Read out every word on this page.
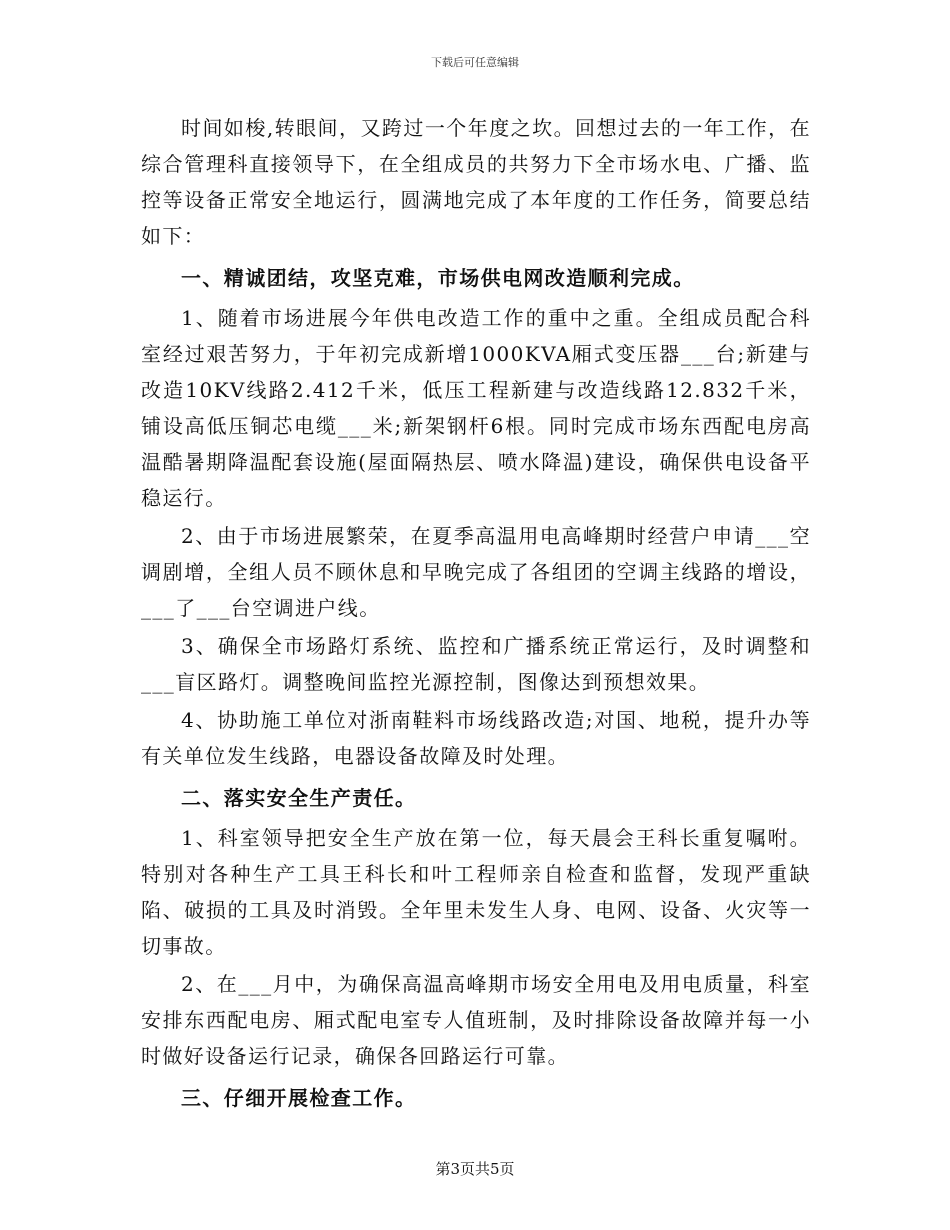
下载后可任意编辑

时间如梭,转眼间，又跨过一个年度之坎。回想过去的一年工作，在综合管理科直接领导下，在全组成员的共努力下全市场水电、广播、监控等设备正常安全地运行，圆满地完成了本年度的工作任务，简要总结如下：

一、精诚团结，攻坚克难，市场供电网改造顺利完成。

1、随着市场进展今年供电改造工作的重中之重。全组成员配合科室经过艰苦努力，于年初完成新增1000KVA厢式变压器___台;新建与改造10KV线路2.412千米，低压工程新建与改造线路12.832千米，铺设高低压铜芯电缆___米;新架钢杆6根。同时完成市场东西配电房高温酷暑期降温配套设施(屋面隔热层、喷水降温)建设，确保供电设备平稳运行。

2、由于市场进展繁荣，在夏季高温用电高峰期时经营户申请___空调剧增，全组人员不顾休息和早晚完成了各组团的空调主线路的增设，___了___台空调进户线。

3、确保全市场路灯系统、监控和广播系统正常运行，及时调整和___盲区路灯。调整晚间监控光源控制，图像达到预想效果。

4、协助施工单位对浙南鞋料市场线路改造;对国、地税，提升办等有关单位发生线路，电器设备故障及时处理。

二、落实安全生产责任。

1、科室领导把安全生产放在第一位，每天晨会王科长重复嘱咐。特别对各种生产工具王科长和叶工程师亲自检查和监督，发现严重缺陷、破损的工具及时消毁。全年里未发生人身、电网、设备、火灾等一切事故。

2、在___月中，为确保高温高峰期市场安全用电及用电质量，科室安排东西配电房、厢式配电室专人值班制，及时排除设备故障并每一小时做好设备运行记录，确保各回路运行可靠。

三、仔细开展检查工作。

第3页共5页
